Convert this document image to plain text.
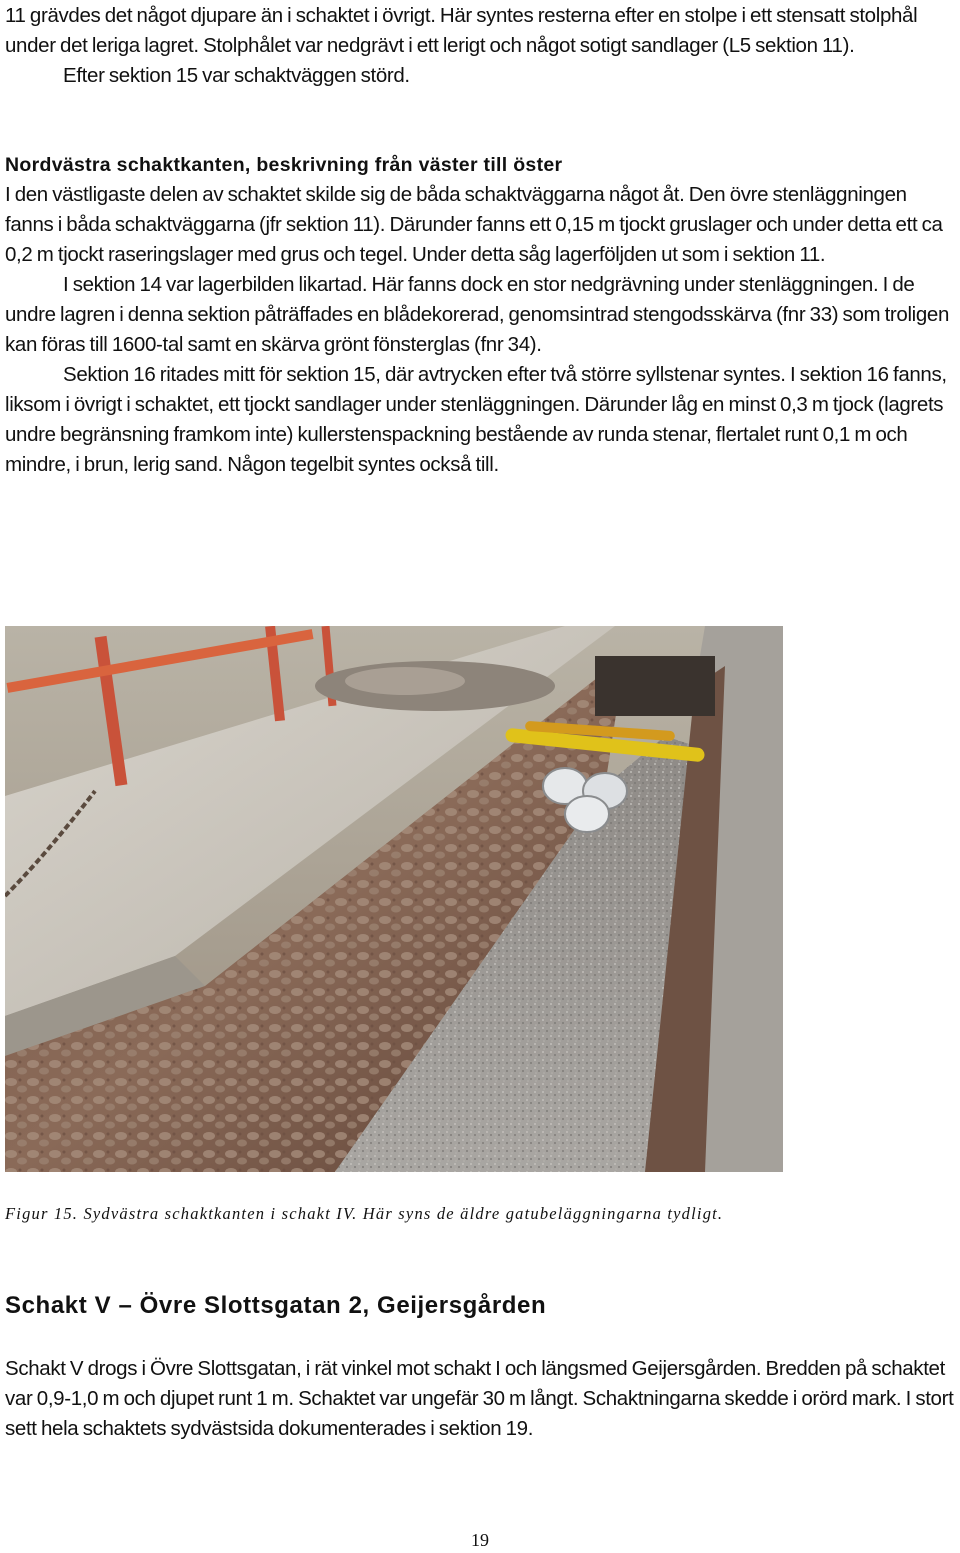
11 grävdes det något djupare än i schaktet i övrigt. Här syntes resterna efter en stolpe i ett stensatt stolphål under det leriga lagret. Stolphålet var nedgrävt i ett lerigt och något sotigt sandlager (L5 sektion 11).

Efter sektion 15 var schaktväggen störd.

Nordvästra schaktkanten, beskrivning från väster till öster

I den västligaste delen av schaktet skilde sig de båda schaktväggarna något åt. Den övre stenläggningen fanns i båda schaktväggarna (jfr sektion 11). Därunder fanns ett 0,15 m tjockt gruslager och under detta ett ca 0,2 m tjockt raseringslager med grus och tegel. Under detta såg lagerföljden ut som i sektion 11.

I sektion 14 var lagerbilden likartad. Här fanns dock en stor nedgrävning under stenläggningen. I de undre lagren i denna sektion påträffades en blådekorerad, genomsintrad stengodsskärva (fnr 33) som troligen kan föras till 1600-tal samt en skärva grönt fönsterglas (fnr 34).

Sektion 16 ritades mitt för sektion 15, där avtrycken efter två större syllstenar syntes. I sektion 16 fanns, liksom i övrigt i schaktet, ett tjockt sandlager under stenläggningen. Därunder låg en minst 0,3 m tjock (lagrets undre begränsning framkom inte) kullerstenspackning bestående av runda stenar, flertalet runt 0,1 m och mindre, i brun, lerig sand. Någon tegelbit syntes också till.

Figur 15. Sydvästra schaktkanten i schakt IV. Här syns de äldre gatubeläggningarna tydligt.

Schakt V – Övre Slottsgatan 2, Geijersgården

Schakt V drogs i Övre Slottsgatan, i rät vinkel mot schakt I och längsmed Geijersgården. Bredden på schaktet var 0,9-1,0 m och djupet runt 1 m. Schaktet var ungefär 30 m långt. Schaktningarna skedde i orörd mark. I stort sett hela schaktets sydvästsida dokumenterades i sektion 19.

19
